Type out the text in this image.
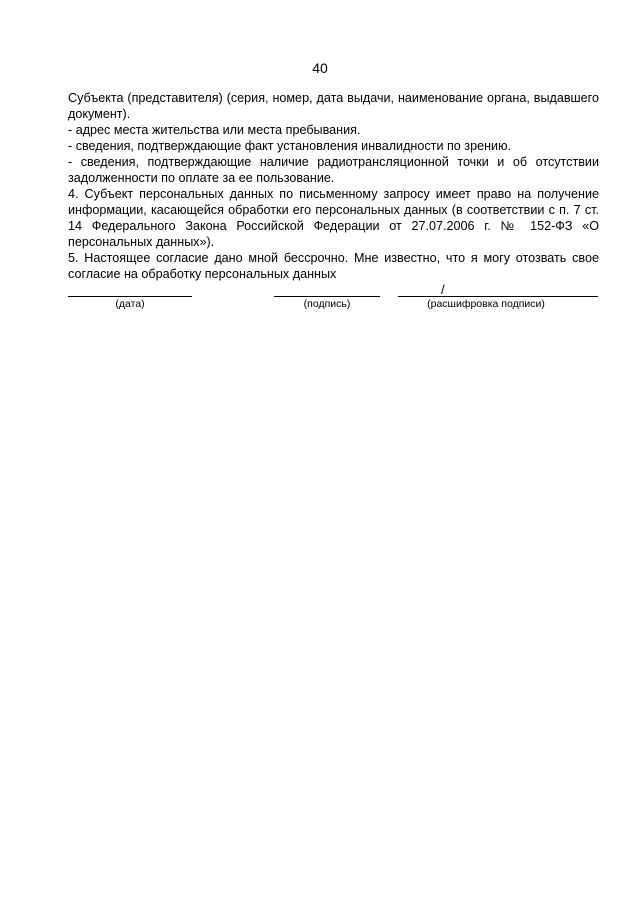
40

Субъекта (представителя) (серия, номер, дата выдачи, наименование органа, выдавшего документ).

- адрес места жительства или места пребывания.

- сведения, подтверждающие факт установления инвалидности по зрению.

- сведения, подтверждающие наличие радиотрансляционной точки и об отсутствии задолженности по оплате за ее пользование.

4. Субъект персональных данных по письменному запросу имеет право на получение информации, касающейся обработки его персональных данных (в соответствии с п. 7 ст. 14 Федерального Закона Российской Федерации от 27.07.2006 г. № 152-ФЗ «О персональных данных»).

5. Настоящее согласие дано мной бессрочно. Мне известно, что я могу отозвать свое согласие на обработку персональных данных

(дата)	(подпись)
/
(расшифровка подписи)
